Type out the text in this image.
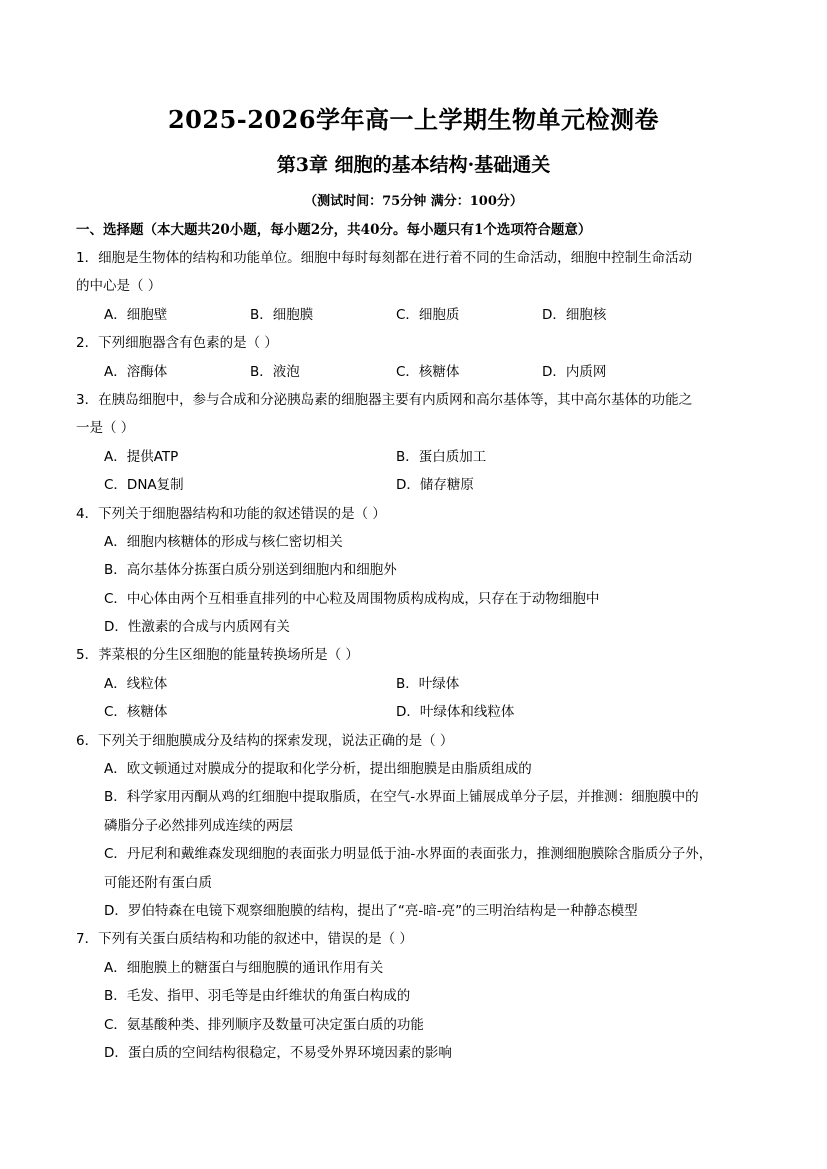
2025-2026学年高一上学期生物单元检测卷
第3章 细胞的基本结构·基础通关
（测试时间：75分钟 满分：100分）
一、选择题（本大题共20小题，每小题2分，共40分。每小题只有1个选项符合题意）
1．细胞是生物体的结构和功能单位。细胞中每时每刻都在进行着不同的生命活动，细胞中控制生命活动
的中心是（ ）
A．细胞壁	B．细胞膜	C．细胞质	D．细胞核
2．下列细胞器含有色素的是（ ）
A．溶酶体	B．液泡	C．核糖体	D．内质网
3．在胰岛细胞中，参与合成和分泌胰岛素的细胞器主要有内质网和高尔基体等，其中高尔基体的功能之
一是（ ）
A．提供ATP	B．蛋白质加工
C．DNA复制	D．储存糖原
4．下列关于细胞器结构和功能的叙述错误的是（ ）
A．细胞内核糖体的形成与核仁密切相关
B．高尔基体分拣蛋白质分别送到细胞内和细胞外
C．中心体由两个互相垂直排列的中心粒及周围物质构成构成，只存在于动物细胞中
D．性激素的合成与内质网有关
5．荠菜根的分生区细胞的能量转换场所是（ ）
A．线粒体	B．叶绿体
C．核糖体	D．叶绿体和线粒体
6．下列关于细胞膜成分及结构的探索发现，说法正确的是（ ）
A．欧文顿通过对膜成分的提取和化学分析，提出细胞膜是由脂质组成的
B．科学家用丙酮从鸡的红细胞中提取脂质，在空气-水界面上铺展成单分子层，并推测：细胞膜中的
磷脂分子必然排列成连续的两层
C．丹尼利和戴维森发现细胞的表面张力明显低于油-水界面的表面张力，推测细胞膜除含脂质分子外，
可能还附有蛋白质
D．罗伯特森在电镜下观察细胞膜的结构，提出了“亮-暗-亮”的三明治结构是一种静态模型
7．下列有关蛋白质结构和功能的叙述中，错误的是（ ）
A．细胞膜上的糖蛋白与细胞膜的通讯作用有关
B．毛发、指甲、羽毛等是由纤维状的角蛋白构成的
C．氨基酸种类、排列顺序及数量可决定蛋白质的功能
D．蛋白质的空间结构很稳定，不易受外界环境因素的影响
